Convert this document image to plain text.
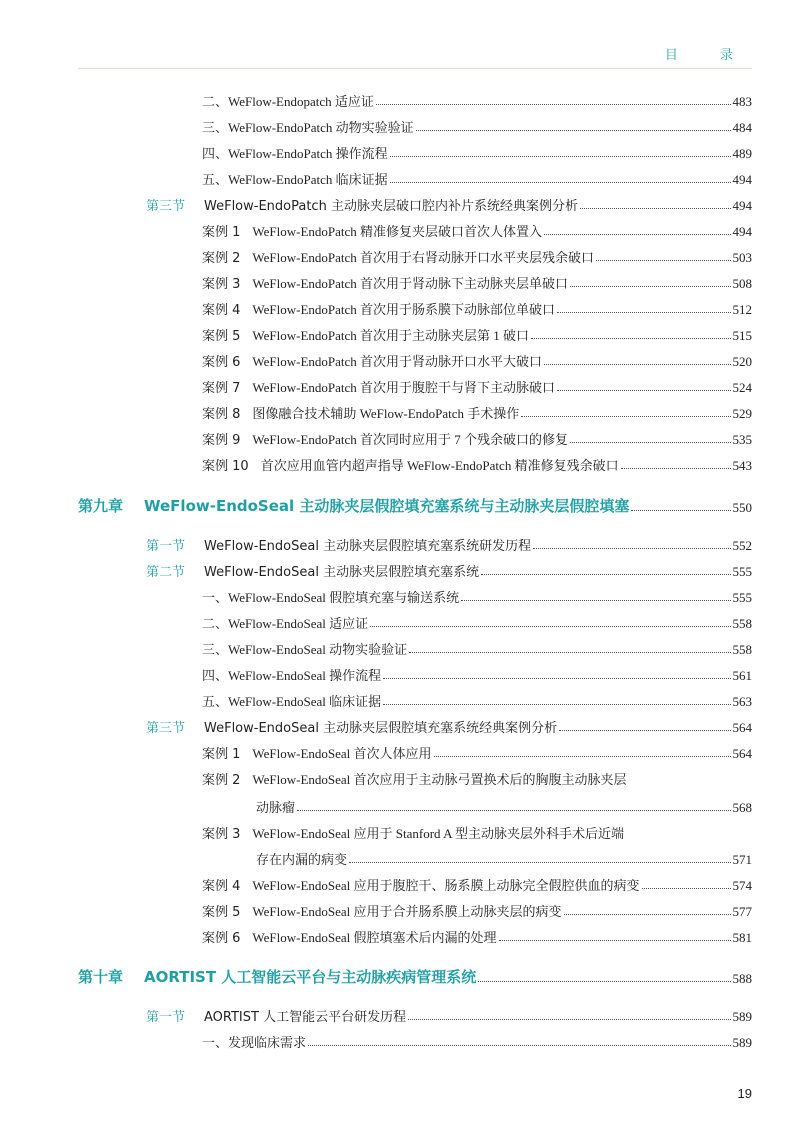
目 录
二、WeFlow-Endopatch 适应证	483
三、WeFlow-EndoPatch 动物实验验证	484
四、WeFlow-EndoPatch 操作流程	489
五、WeFlow-EndoPatch 临床证据	494
第三节	WeFlow-EndoPatch 主动脉夹层破口腔内补片系统经典案例分析	494
案例 1 WeFlow-EndoPatch 精准修复夹层破口首次人体置入	494
案例 2 WeFlow-EndoPatch 首次用于右肾动脉开口水平夹层残余破口	503
案例 3 WeFlow-EndoPatch 首次用于肾动脉下主动脉夹层单破口	508
案例 4 WeFlow-EndoPatch 首次用于肠系膜下动脉部位单破口	512
案例 5 WeFlow-EndoPatch 首次用于主动脉夹层第 1 破口	515
案例 6 WeFlow-EndoPatch 首次用于肾动脉开口水平大破口	520
案例 7 WeFlow-EndoPatch 首次用于腹腔干与肾下主动脉破口	524
案例 8 图像融合技术辅助 WeFlow-EndoPatch 手术操作	529
案例 9 WeFlow-EndoPatch 首次同时应用于 7 个残余破口的修复	535
案例 10 首次应用血管内超声指导 WeFlow-EndoPatch 精准修复残余破口	543
第九章	WeFlow-EndoSeal 主动脉夹层假腔填充塞系统与主动脉夹层假腔填塞	550
第一节	WeFlow-EndoSeal 主动脉夹层假腔填充塞系统研发历程	552
第二节	WeFlow-EndoSeal 主动脉夹层假腔填充塞系统	555
一、WeFlow-EndoSeal 假腔填充塞与输送系统	555
二、WeFlow-EndoSeal 适应证	558
三、WeFlow-EndoSeal 动物实验验证	558
四、WeFlow-EndoSeal 操作流程	561
五、WeFlow-EndoSeal 临床证据	563
第三节	WeFlow-EndoSeal 主动脉夹层假腔填充塞系统经典案例分析	564
案例 1 WeFlow-EndoSeal 首次人体应用	564
案例 2 WeFlow-EndoSeal 首次应用于主动脉弓置换术后的胸腹主动脉夹层
动脉瘤	568
案例 3 WeFlow-EndoSeal 应用于 Stanford A 型主动脉夹层外科手术后近端
存在内漏的病变	571
案例 4 WeFlow-EndoSeal 应用于腹腔干、肠系膜上动脉完全假腔供血的病变	574
案例 5 WeFlow-EndoSeal 应用于合并肠系膜上动脉夹层的病变	577
案例 6 WeFlow-EndoSeal 假腔填塞术后内漏的处理	581
第十章	AORTIST 人工智能云平台与主动脉疾病管理系统	588
第一节	AORTIST 人工智能云平台研发历程	589
一、发现临床需求	589
19
